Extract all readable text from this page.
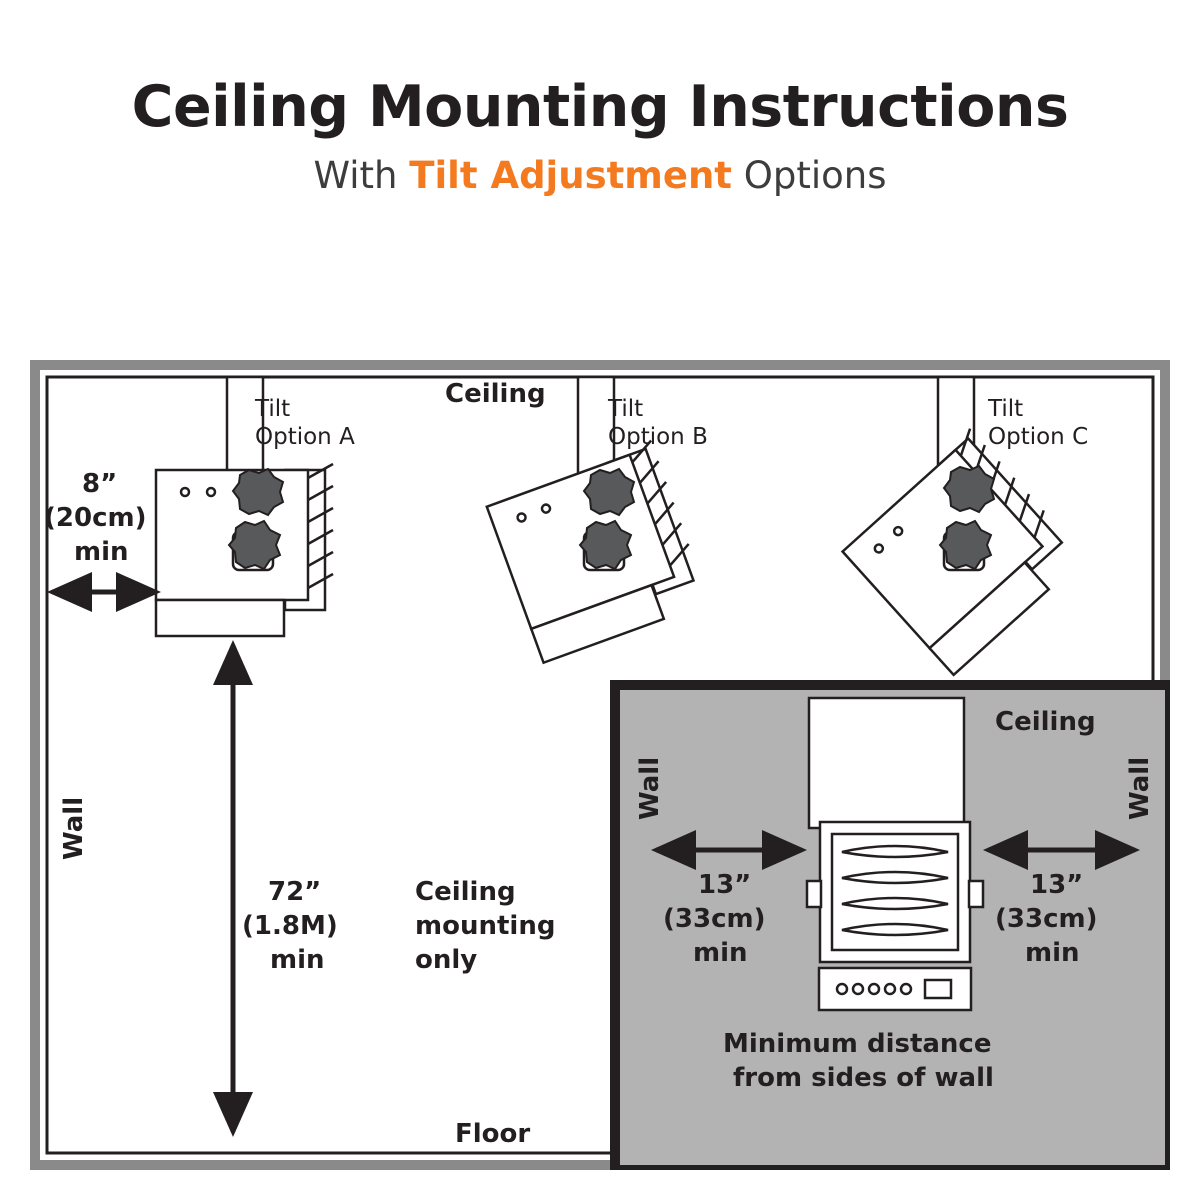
Ceiling Mounting Instructions
With Tilt Adjustment Options
Ceiling
Floor
Wall
Tilt
Option A
Tilt
Option B
Tilt
Option C
8”
(20cm)
min
72”
(1.8M)
min
Ceiling
mounting
only
Ceiling
Wall	Wall
13”
(33cm)
min
13”
(33cm)
min
Minimum distance
from sides of wall
